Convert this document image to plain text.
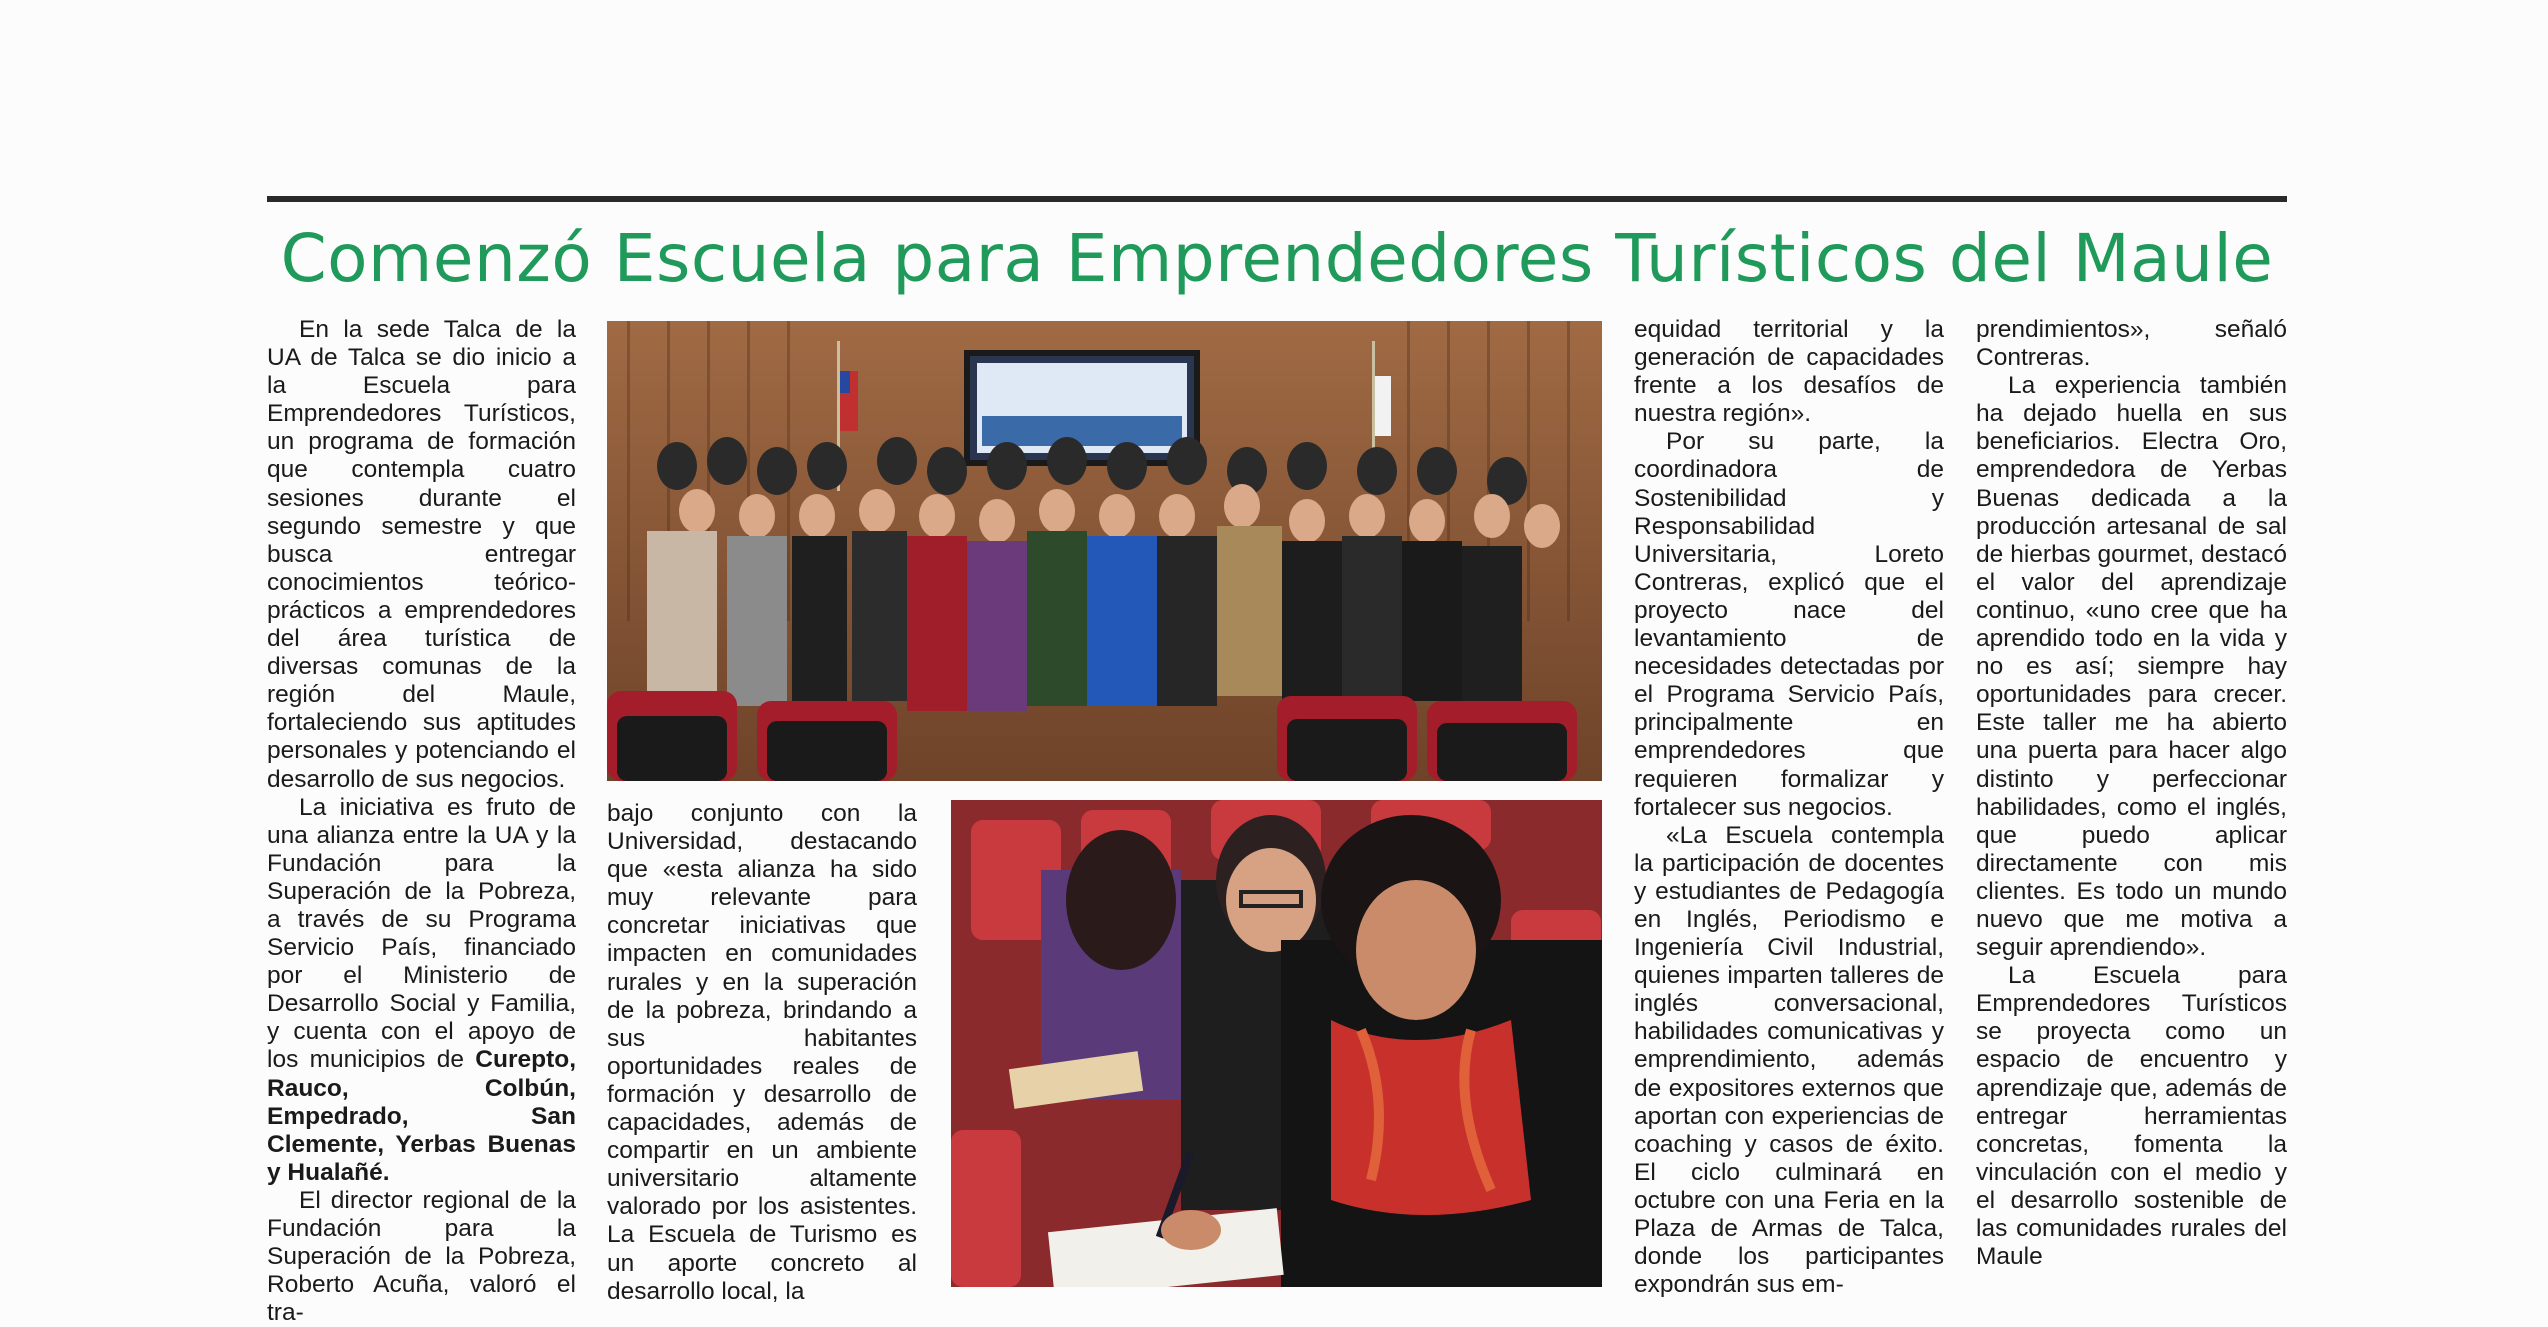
Comenzó Escuela para Emprendedores Turísticos del Maule

En la sede Talca de la UA de Talca se dio inicio a la Escuela para Emprendedores Turísticos, un programa de formación que contempla cuatro sesiones durante el segundo semestre y que busca entregar conocimientos teórico-prácticos a emprendedores del área turística de diversas comunas de la región del Maule, fortaleciendo sus aptitudes personales y potenciando el desarrollo de sus negocios.

La iniciativa es fruto de una alianza entre la UA y la Fundación para la Superación de la Pobreza, a través de su Programa Servicio País, financiado por el Ministerio de Desarrollo Social y Familia, y cuenta con el apoyo de los municipios de Curepto, Rauco, Colbún, Empedrado, San Clemente, Yerbas Buenas y Hualañé.

El director regional de la Fundación para la Superación de la Pobreza, Roberto Acuña, valoró el tra-

bajo conjunto con la Universidad, destacando que «esta alianza ha sido muy relevante para concretar iniciativas que impacten en comunidades rurales y en la superación de la pobreza, brindando a sus habitantes oportunidades reales de formación y desarrollo de capacidades, además de compartir en un ambiente universitario altamente valorado por los asistentes. La Escuela de Turismo es un aporte concreto al desarrollo local, la

equidad territorial y la generación de capacidades frente a los desafíos de nuestra región».

Por su parte, la coordinadora de Sostenibilidad y Responsabilidad Universitaria, Loreto Contreras, explicó que el proyecto nace del levantamiento de necesidades detectadas por el Programa Servicio País, principalmente en emprendedores que requieren formalizar y fortalecer sus negocios.

«La Escuela contempla la participación de docentes y estudiantes de Pedagogía en Inglés, Periodismo e Ingeniería Civil Industrial, quienes imparten talleres de inglés conversacional, habilidades comunicativas y emprendimiento, además de expositores externos que aportan con experiencias de coaching y casos de éxito. El ciclo culminará en octubre con una Feria en la Plaza de Armas de Talca, donde los participantes expondrán sus em-

prendimientos», señaló Contreras.

La experiencia también ha dejado huella en sus beneficiarios. Electra Oro, emprendedora de Yerbas Buenas dedicada a la producción artesanal de sal de hierbas gourmet, destacó el valor del aprendizaje continuo, «uno cree que ha aprendido todo en la vida y no es así; siempre hay oportunidades para crecer. Este taller me ha abierto una puerta para hacer algo distinto y perfeccionar habilidades, como el inglés, que puedo aplicar directamente con mis clientes. Es todo un mundo nuevo que me motiva a seguir aprendiendo».

La Escuela para Emprendedores Turísticos se proyecta como un espacio de encuentro y aprendizaje que, además de entregar herramientas concretas, fomenta la vinculación con el medio y el desarrollo sostenible de las comunidades rurales del Maule
